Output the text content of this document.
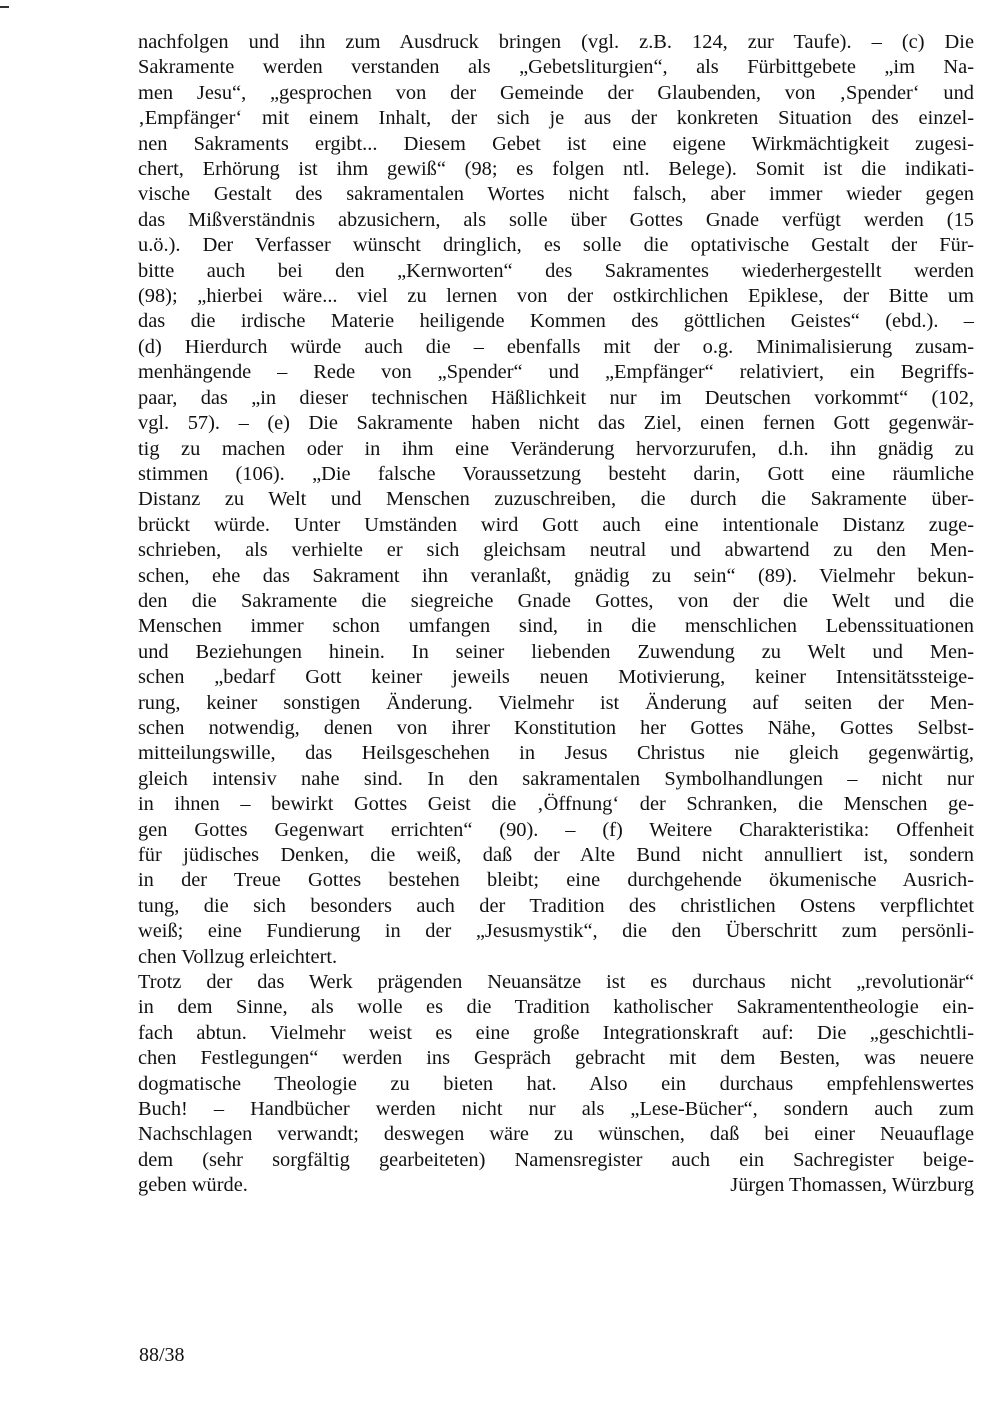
nachfolgen und ihn zum Ausdruck bringen (vgl. z.B. 124, zur Taufe). – (c) Die
Sakramente werden verstanden als „Gebetsliturgien“, als Fürbittgebete „im Na-
men Jesu“, „gesprochen von der Gemeinde der Glaubenden, von ‚Spender‘ und
‚Empfänger‘ mit einem Inhalt, der sich je aus der konkreten Situation des einzel-
nen Sakraments ergibt... Diesem Gebet ist eine eigene Wirkmächtigkeit zugesi-
chert, Erhörung ist ihm gewiß“ (98; es folgen ntl. Belege). Somit ist die indikati-
vische Gestalt des sakramentalen Wortes nicht falsch, aber immer wieder gegen
das Mißverständnis abzusichern, als solle über Gottes Gnade verfügt werden (15
u.ö.). Der Verfasser wünscht dringlich, es solle die optativische Gestalt der Für-
bitte auch bei den „Kernworten“ des Sakramentes wiederhergestellt werden
(98); „hierbei wäre... viel zu lernen von der ostkirchlichen Epiklese, der Bitte um
das die irdische Materie heiligende Kommen des göttlichen Geistes“ (ebd.). –
(d) Hierdurch würde auch die – ebenfalls mit der o.g. Minimalisierung zusam-
menhängende – Rede von „Spender“ und „Empfänger“ relativiert, ein Begriffs-
paar, das „in dieser technischen Häßlichkeit nur im Deutschen vorkommt“ (102,
vgl. 57). – (e) Die Sakramente haben nicht das Ziel, einen fernen Gott gegenwär-
tig zu machen oder in ihm eine Veränderung hervorzurufen, d.h. ihn gnädig zu
stimmen (106). „Die falsche Voraussetzung besteht darin, Gott eine räumliche
Distanz zu Welt und Menschen zuzuschreiben, die durch die Sakramente über-
brückt würde. Unter Umständen wird Gott auch eine intentionale Distanz zuge-
schrieben, als verhielte er sich gleichsam neutral und abwartend zu den Men-
schen, ehe das Sakrament ihn veranlaßt, gnädig zu sein“ (89). Vielmehr bekun-
den die Sakramente die siegreiche Gnade Gottes, von der die Welt und die
Menschen immer schon umfangen sind, in die menschlichen Lebenssituationen
und Beziehungen hinein. In seiner liebenden Zuwendung zu Welt und Men-
schen „bedarf Gott keiner jeweils neuen Motivierung, keiner Intensitätssteige-
rung, keiner sonstigen Änderung. Vielmehr ist Änderung auf seiten der Men-
schen notwendig, denen von ihrer Konstitution her Gottes Nähe, Gottes Selbst-
mitteilungswille, das Heilsgeschehen in Jesus Christus nie gleich gegenwärtig,
gleich intensiv nahe sind. In den sakramentalen Symbolhandlungen – nicht nur
in ihnen – bewirkt Gottes Geist die ‚Öffnung‘ der Schranken, die Menschen ge-
gen Gottes Gegenwart errichten“ (90). – (f) Weitere Charakteristika: Offenheit
für jüdisches Denken, die weiß, daß der Alte Bund nicht annulliert ist, sondern
in der Treue Gottes bestehen bleibt; eine durchgehende ökumenische Ausrich-
tung, die sich besonders auch der Tradition des christlichen Ostens verpflichtet
weiß; eine Fundierung in der „Jesusmystik“, die den Überschritt zum persönli-
chen Vollzug erleichtert.
Trotz der das Werk prägenden Neuansätze ist es durchaus nicht „revolutionär“
in dem Sinne, als wolle es die Tradition katholischer Sakramententheologie ein-
fach abtun. Vielmehr weist es eine große Integrationskraft auf: Die „geschichtli-
chen Festlegungen“ werden ins Gespräch gebracht mit dem Besten, was neuere
dogmatische Theologie zu bieten hat. Also ein durchaus empfehlenswertes
Buch! – Handbücher werden nicht nur als „Lese-Bücher“, sondern auch zum
Nachschlagen verwandt; deswegen wäre zu wünschen, daß bei einer Neuauflage
dem (sehr sorgfältig gearbeiteten) Namensregister auch ein Sachregister beige-
geben würde.	Jürgen Thomassen, Würzburg
88/38
